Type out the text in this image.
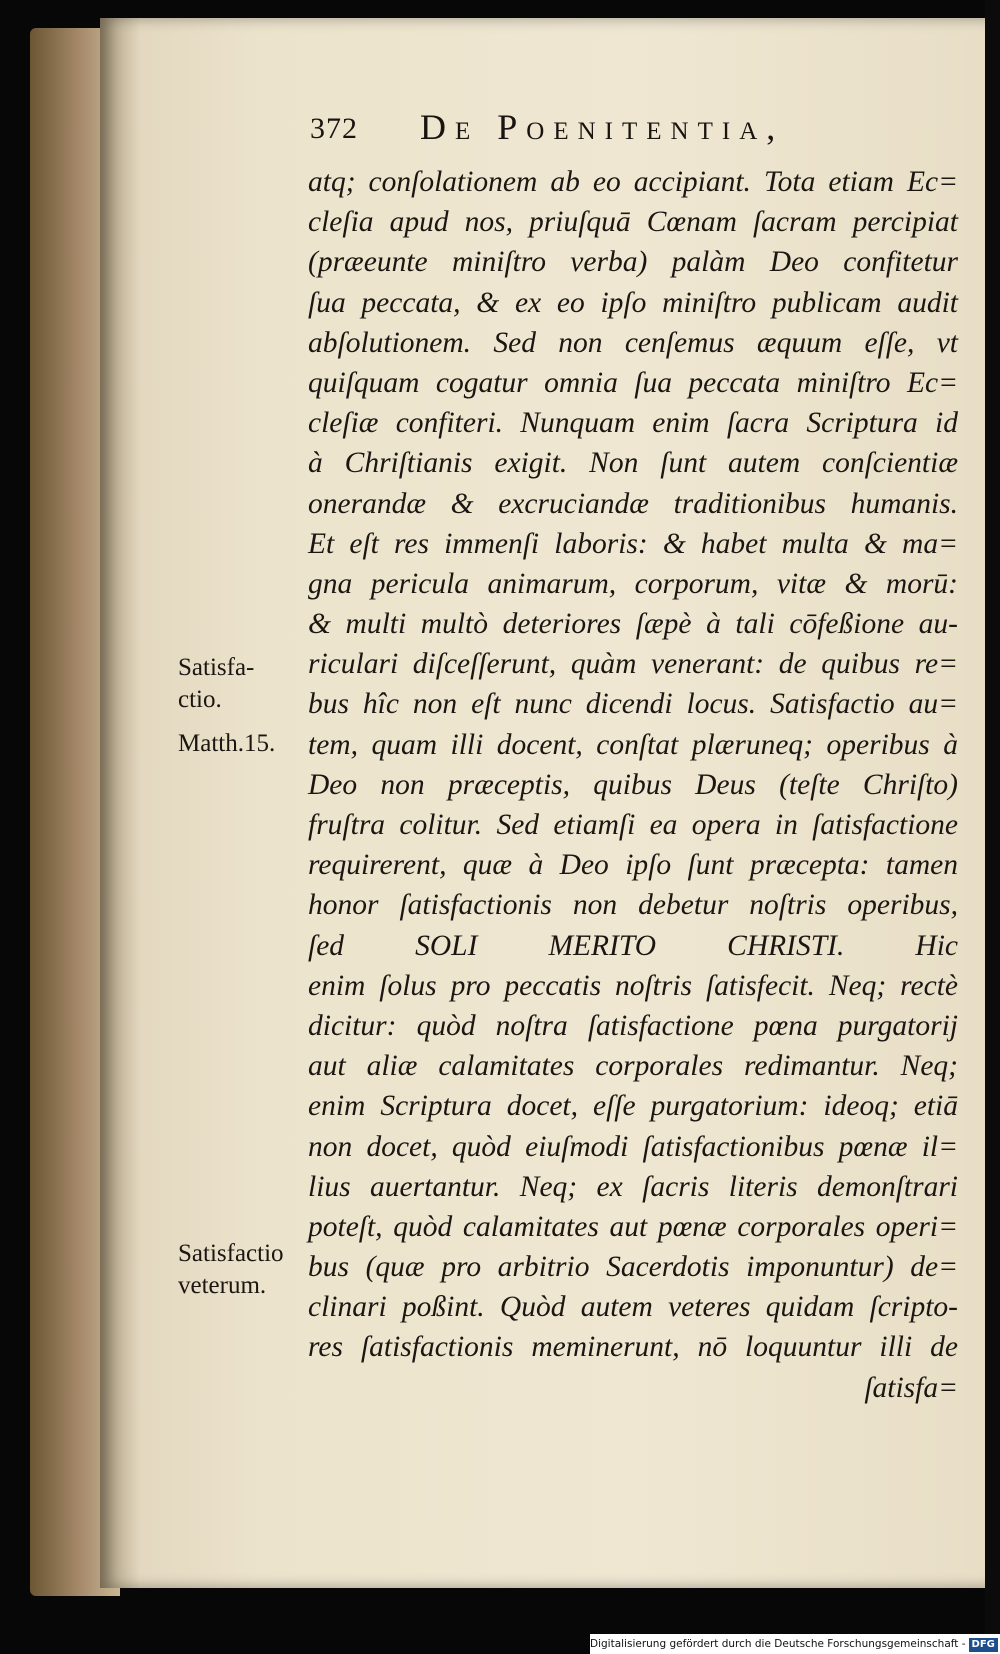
372 De Poenitentia,
atq; conſolationem ab eo accipiant. Tota etiam Ec=
cleſia apud nos, priuſquā Cœnam ſacram percipiat
(præeunte miniſtro verba) palàm Deo confitetur
ſua peccata, & ex eo ipſo miniſtro publicam audit
abſolutionem. Sed non cenſemus æquum eſſe, vt
quiſquam cogatur omnia ſua peccata miniſtro Ec=
cleſiæ confiteri. Nunquam enim ſacra Scriptura id
à Chriſtianis exigit. Non ſunt autem conſcientiæ
onerandæ & excruciandæ traditionibus humanis.
Et eſt res immenſi laboris: & habet multa & ma=
gna pericula animarum, corporum, vitæ & morū:
& multi multò deteriores ſæpè à tali cōfeßione au-
riculari diſceſſerunt, quàm venerant: de quibus re=
bus hîc non eſt nunc dicendi locus. Satisfactio au=
tem, quam illi docent, conſtat plæruneq; operibus à
Deo non præceptis, quibus Deus (teſte Chriſto)
fruſtra colitur. Sed etiamſi ea opera in ſatisfactione
requirerent, quæ à Deo ipſo ſunt præcepta: tamen
honor ſatisfactionis non debetur noſtris operibus,
ſed SOLI MERITO CHRISTI. Hic
enim ſolus pro peccatis noſtris ſatisfecit. Neq; rectè
dicitur: quòd noſtra ſatisfactione pœna purgatorij
aut aliæ calamitates corporales redimantur. Neq;
enim Scriptura docet, eſſe purgatorium: ideoq; etiā
non docet, quòd eiuſmodi ſatisfactionibus pœnæ il=
lius auertantur. Neq; ex ſacris literis demonſtrari
poteſt, quòd calamitates aut pœnæ corporales operi=
bus (quæ pro arbitrio Sacerdotis imponuntur) de=
clinari poßint. Quòd autem veteres quidam ſcripto-
res ſatisfactionis meminerunt, nō loquuntur illi de
ſatisfa=
Satisfa-
ctio.
Matth.15.
Satisfactio
veterum.
Digitalisierung gefördert durch die Deutsche Forschungsgemeinschaft - DFG
